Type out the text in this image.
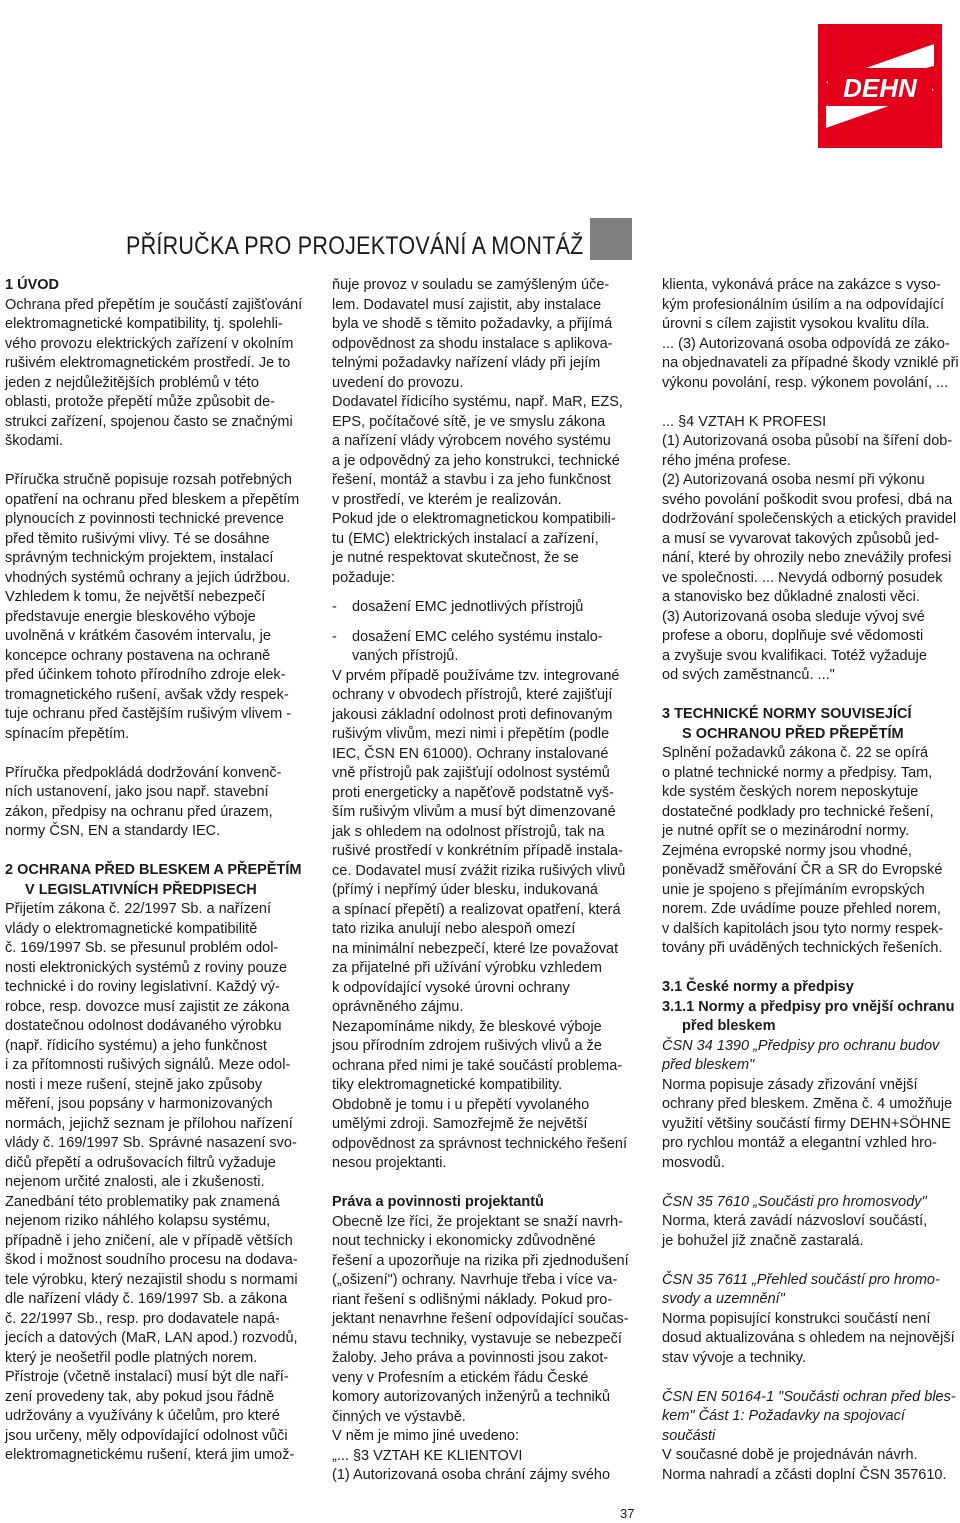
DEHN
PŘÍRUČKA PRO PROJEKTOVÁNÍ A MONTÁŽ

1 ÚVOD

Ochrana před přepětím je součástí zajišťování

elektromagnetické kompatibility, tj. spolehli-

vého provozu elektrických zařízení v okolním

rušivém elektromagnetickém prostředí. Je to

jeden z nejdůležitějších problémů v této

oblasti, protože přepětí může způsobit de-

strukci zařízení, spojenou často se značnými

škodami.

Příručka stručně popisuje rozsah potřebných

opatření na ochranu před bleskem a přepětím

plynoucích z povinnosti technické prevence

před těmito rušivými vlivy. Té se dosáhne

správným technickým projektem, instalací

vhodných systémů ochrany a jejich údržbou.

Vzhledem k tomu, že největší nebezpečí

představuje energie bleskového výboje

uvolněná v krátkém časovém intervalu, je

koncepce ochrany postavena na ochraně

před účinkem tohoto přírodního zdroje elek-

tromagnetického rušení, avšak vždy respek-

tuje ochranu před častějším rušivým vlivem -

spínacím přepětím.

Příručka předpokládá dodržování konvenč-

ních ustanovení, jako jsou např. stavební

zákon, předpisy na ochranu před úrazem,

normy ČSN, EN a standardy IEC.

2 OCHRANA PŘED BLESKEM A PŘEPĚTÍM

V LEGISLATIVNÍCH PŘEDPISECH

Přijetím zákona č. 22/1997 Sb. a nařízení

vlády o elektromagnetické kompatibilitě

č. 169/1997 Sb. se přesunul problém odol-

nosti elektronických systémů z roviny pouze

technické i do roviny legislativní. Každý vý-

robce, resp. dovozce musí zajistit ze zákona

dostatečnou odolnost dodávaného výrobku

(např. řídicího systému) a jeho funkčnost

i za přítomnosti rušivých signálů. Meze odol-

nosti i meze rušení, stejně jako způsoby

měření, jsou popsány v harmonizovaných

normách, jejichž seznam je přílohou nařízení

vlády č. 169/1997 Sb. Správné nasazení svo-

dičů přepětí a odrušovacích filtrů vyžaduje

nejenom určité znalosti, ale i zkušenosti.

Zanedbání této problematiky pak znamená

nejenom riziko náhlého kolapsu systému,

případně i jeho zničení, ale v případě větších

škod i možnost soudního procesu na dodava-

tele výrobku, který nezajistil shodu s normami

dle nařízení vlády č. 169/1997 Sb. a zákona

č. 22/1997 Sb., resp. pro dodavatele napá-

jecích a datových (MaR, LAN apod.) rozvodů,

který je neošetřil podle platných norem.

Přístroje (včetně instalací) musí být dle naří-

zení provedeny tak, aby pokud jsou řádně

udržovány a využívány k účelům, pro které

jsou určeny, měly odpovídající odolnost vůči

elektromagnetickému rušení, která jim umož-

ňuje provoz v souladu se zamýšleným úče-

lem. Dodavatel musí zajistit, aby instalace

byla ve shodě s těmito požadavky, a přijímá

odpovědnost za shodu instalace s aplikova-

telnými požadavky nařízení vlády při jejím

uvedení do provozu.

Dodavatel řídicího systému, např. MaR, EZS,

EPS, počítačové sítě, je ve smyslu zákona

a nařízení vlády výrobcem nového systému

a je odpovědný za jeho konstrukci, technické

řešení, montáž a stavbu i za jeho funkčnost

v prostředí, ve kterém je realizován.

Pokud jde o elektromagnetickou kompatibili-

tu (EMC) elektrických instalací a zařízení,

je nutné respektovat skutečnost, že se

požaduje:

-	dosažení EMC jednotlivých přístrojů
-	dosažení EMC celého systému instalo-
vaných přístrojů.

V prvém případě používáme tzv. integrované

ochrany v obvodech přístrojů, které zajišťují

jakousi základní odolnost proti definovaným

rušivým vlivům, mezi nimi i přepětím (podle

IEC, ČSN EN 61000). Ochrany instalované

vně přístrojů pak zajišťují odolnost systémů

proti energeticky a napěťově podstatně vyš-

ším rušivým vlivům a musí být dimenzované

jak s ohledem na odolnost přístrojů, tak na

rušivé prostředí v konkrétním případě instala-

ce. Dodavatel musí zvážit rizika rušivých vlivů

(přímý i nepřímý úder blesku, indukovaná

a spínací přepětí) a realizovat opatření, která

tato rizika anulují nebo alespoň omezí

na minimální nebezpečí, které lze považovat

za přijatelné při užívání výrobku vzhledem

k odpovídající vysoké úrovni ochrany

oprávněného zájmu.

Nezapomínáme nikdy, že bleskové výboje

jsou přírodním zdrojem rušivých vlivů a že

ochrana před nimi je také součástí problema-

tiky elektromagnetické kompatibility.

Obdobně je tomu i u přepětí vyvolaného

umělými zdroji. Samozřejmě že největší

odpovědnost za správnost technického řešení

nesou projektanti.

Práva a povinnosti projektantů

Obecně lze říci, že projektant se snaží navrh-

nout technicky i ekonomicky zdůvodněné

řešení a upozorňuje na rizika při zjednodušení

(„ošizení") ochrany. Navrhuje třeba i více va-

riant řešení s odlišnými náklady. Pokud pro-

jektant nenavrhne řešení odpovídající součas-

nému stavu techniky, vystavuje se nebezpečí

žaloby. Jeho práva a povinnosti jsou zakot-

veny v Profesním a etickém řádu České

komory autorizovaných inženýrů a techniků

činných ve výstavbě.

V něm je mimo jiné uvedeno:

„... §3 VZTAH KE KLIENTOVI

(1) Autorizovaná osoba chrání zájmy svého

klienta, vykonává práce na zakázce s vyso-

kým profesionálním úsilím a na odpovídající

úrovni s cílem zajistit vysokou kvalitu díla.

... (3) Autorizovaná osoba odpovídá ze záko-

na objednavateli za případné škody vzniklé při

výkonu povolání, resp. výkonem povolání, ...

... §4 VZTAH K PROFESI

(1) Autorizovaná osoba působí na šíření dob-

rého jména profese.

(2) Autorizovaná osoba nesmí při výkonu

svého povolání poškodit svou profesi, dbá na

dodržování společenských a etických pravidel

a musí se vyvarovat takových způsobů jed-

nání, které by ohrozily nebo znevážily profesi

ve společnosti. ... Nevydá odborný posudek

a stanovisko bez důkladné znalosti věci.

(3) Autorizovaná osoba sleduje vývoj své

profese a oboru, doplňuje své vědomosti

a zvyšuje svou kvalifikaci. Totéž vyžaduje

od svých zaměstnanců. ..."

3 TECHNICKÉ NORMY SOUVISEJÍCÍ

S OCHRANOU PŘED PŘEPĚTÍM

Splnění požadavků zákona č. 22 se opírá

o platné technické normy a předpisy. Tam,

kde systém českých norem neposkytuje

dostatečné podklady pro technické řešení,

je nutné opřít se o mezinárodní normy.

Zejména evropské normy jsou vhodné,

poněvadž směřování ČR a SR do Evropské

unie je spojeno s přejímáním evropských

norem. Zde uvádíme pouze přehled norem,

v dalších kapitolách jsou tyto normy respek-

továny při uváděných technických řešeních.

3.1 České normy a předpisy

3.1.1 Normy a předpisy pro vnější ochranu

před bleskem

ČSN 34 1390 „Předpisy pro ochranu budov

před bleskem"

Norma popisuje zásady zřizování vnější

ochrany před bleskem. Změna č. 4 umožňuje

využití většiny součástí firmy DEHN+SÖHNE

pro rychlou montáž a elegantní vzhled hro-

mosvodů.

ČSN 35 7610 „Součásti pro hromosvody"

Norma, která zavádí názvosloví součástí,

je bohužel již značně zastaralá.

ČSN 35 7611 „Přehled součástí pro hromo-

svody a uzemnění"

Norma popisující konstrukci součástí není

dosud aktualizována s ohledem na nejnovější

stav vývoje a techniky.

ČSN EN 50164-1 "Součásti ochran před bles-

kem" Část 1: Požadavky na spojovací součásti

V současné době je projednáván návrh.

Norma nahradí a zčásti doplní ČSN 357610.

37
